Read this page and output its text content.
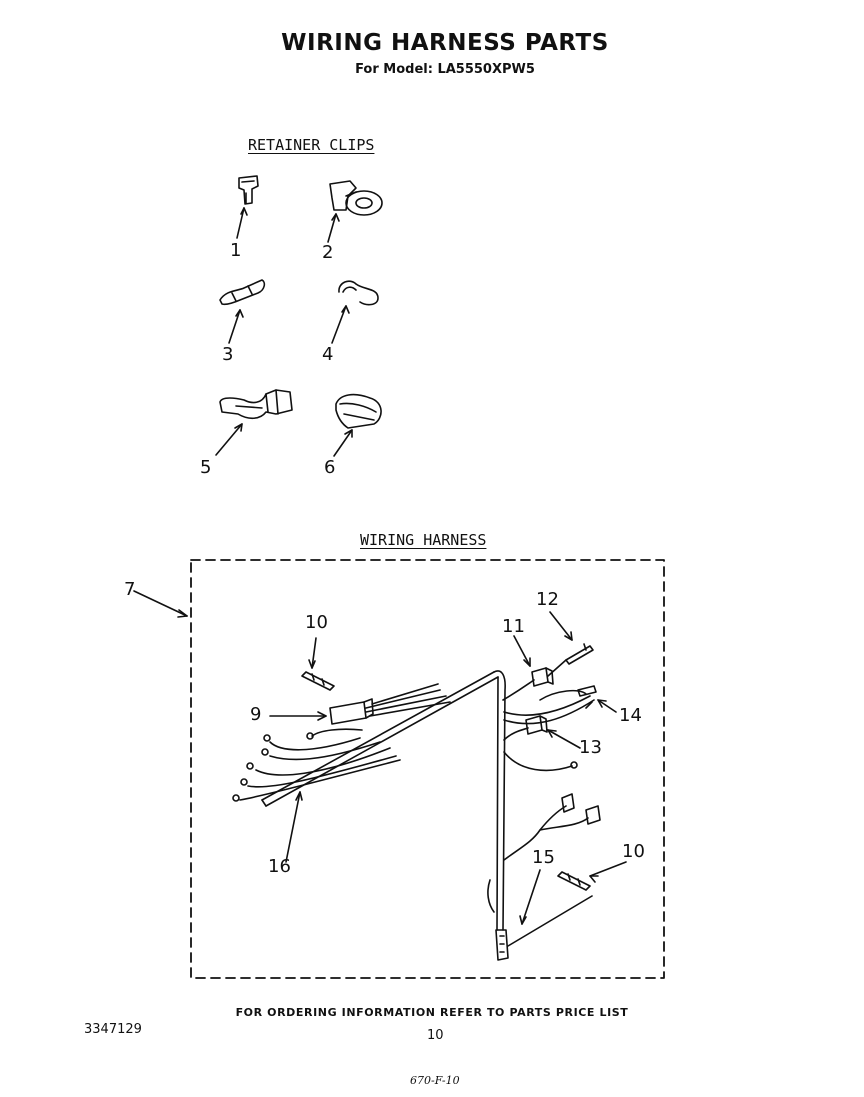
WIRING HARNESS PARTS
For Model: LA5550XPW5
RETAINER CLIPS
WIRING HARNESS
1	2
3	4
5	6
7
10
9
16
11
12
14
13
15	10
FOR ORDERING INFORMATION REFER TO PARTS PRICE LIST
3347129	10
670-F-10
